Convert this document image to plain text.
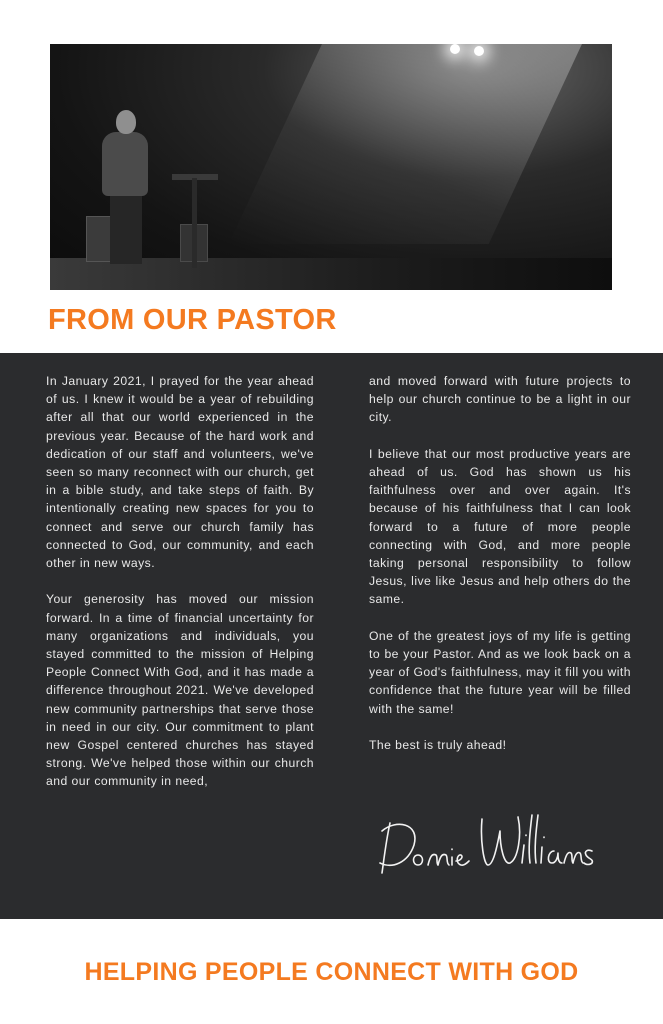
FROM OUR PASTOR

In January 2021, I prayed for the year ahead of us. I knew it would be a year of rebuilding after all that our world experienced in the previous year. Because of the hard work and dedication of our staff and volunteers, we've seen so many reconnect with our church, get in a bible study, and take steps of faith. By intentionally creating new spaces for you to connect and serve our church family has connected to God, our community, and each other in new ways.

Your generosity has moved our mission forward. In a time of financial uncertainty for many organizations and individuals, you stayed committed to the mission of Helping People Connect With God, and it has made a difference throughout 2021. We've developed new community partnerships that serve those in need in our city. Our commitment to plant new Gospel centered churches has stayed strong. We've helped those within our church and our community in need,

and moved forward with future projects to help our church continue to be a light in our city.

I believe that our most productive years are ahead of us. God has shown us his faithfulness over and over again. It's because of his faithfulness that I can look forward to a future of more people connecting with God, and more people taking personal responsibility to follow Jesus, live like Jesus and help others do the same.

One of the greatest joys of my life is getting to be your Pastor. And as we look back on a year of God's faithfulness, may it fill you with confidence that the future year will be filled with the same!

The best is truly ahead!

HELPING PEOPLE CONNECT WITH GOD
